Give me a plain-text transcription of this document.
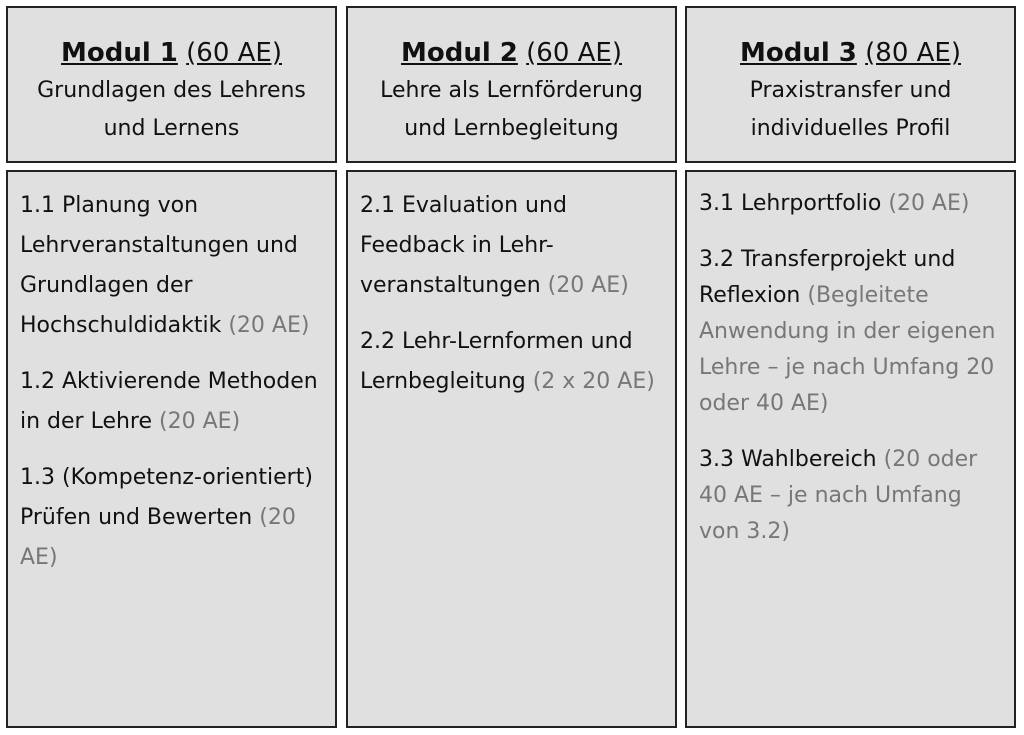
Modul 1 (60 AE)
Grundlagen des Lehrens
und Lernens
Modul 2 (60 AE)
Lehre als Lernförderung
und Lernbegleitung
Modul 3 (80 AE)
Praxistransfer und
individuelles Profil
1.1 Planung von Lehrveranstaltungen und Grundlagen der Hochschuldidaktik (20 AE)
1.2 Aktivierende Methoden in der Lehre (20 AE)
1.3 (Kompetenz-orientiert) Prüfen und Bewerten (20 AE)
2.1 Evaluation und Feedback in Lehr-veranstaltungen (20 AE)
2.2 Lehr-Lernformen und Lernbegleitung (2 x 20 AE)
3.1 Lehrportfolio (20 AE)
3.2 Transferprojekt und Reflexion (Begleitete Anwendung in der eigenen Lehre – je nach Umfang 20 oder 40 AE)
3.3 Wahlbereich (20 oder 40 AE – je nach Umfang von 3.2)
